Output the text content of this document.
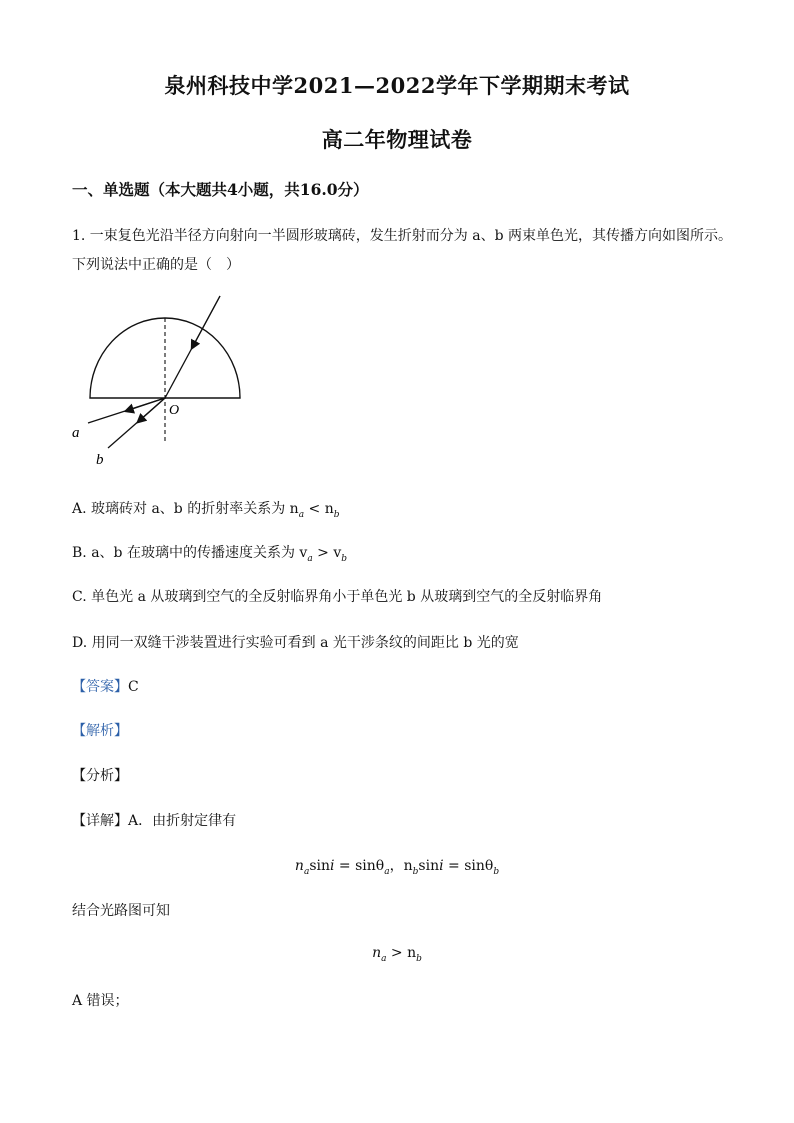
泉州科技中学2021—2022学年下学期期末考试
高二年物理试卷
一、单选题（本大题共4小题，共16.0分）
1. 一束复色光沿半径方向射向一半圆形玻璃砖，发生折射而分为 a、b 两束单色光，其传播方向如图所示。
下列说法中正确的是（　）
O
a
b
A. 玻璃砖对 a、b 的折射率关系为 $n_a < n_b$
B. a、b 在玻璃中的传播速度关系为 $v_a > v_b$
C. 单色光 a 从玻璃到空气的全反射临界角小于单色光 b 从玻璃到空气的全反射临界角
D. 用同一双缝干涉装置进行实验可看到 a 光干涉条纹的间距比 b 光的宽
【答案】C
【解析】
【分析】
【详解】A．由折射定律有
$n_a\sin i = \sin\theta_a$，$n_b\sin i = \sin\theta_b$
结合光路图可知
$n_a > n_b$
A 错误；
